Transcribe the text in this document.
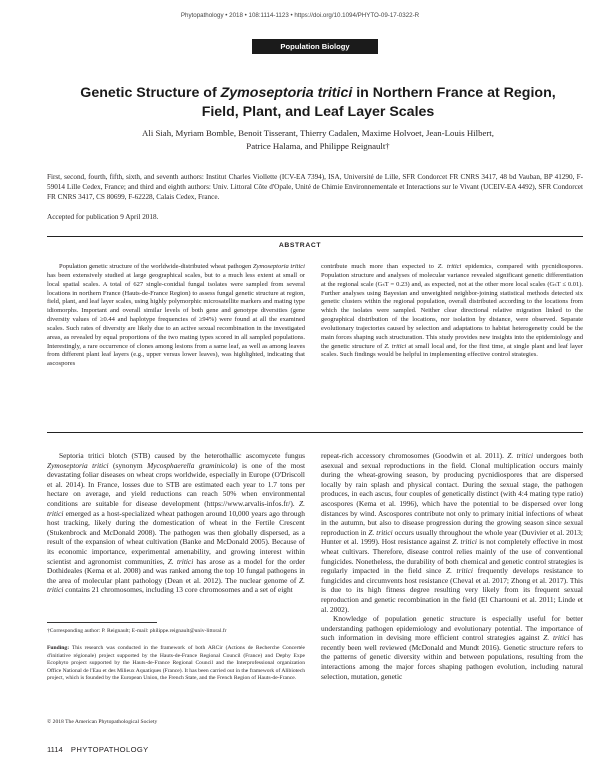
Phytopathology • 2018 • 108:1114-1123 • https://doi.org/10.1094/PHYTO-09-17-0322-R
Population Biology
Genetic Structure of Zymoseptoria tritici in Northern France at Region,
Field, Plant, and Leaf Layer Scales
Ali Siah, Myriam Bomble, Benoit Tisserant, Thierry Cadalen, Maxime Holvoet, Jean-Louis Hilbert,
Patrice Halama, and Philippe Reignault†
First, second, fourth, fifth, sixth, and seventh authors: Institut Charles Viollette (ICV-EA 7394), ISA, Université de Lille, SFR Condorcet FR CNRS 3417, 48 bd Vauban, BP 41290, F-59014 Lille Cedex, France; and third and eighth authors: Univ. Littoral Côte d'Opale, Unité de Chimie Environnementale et Interactions sur le Vivant (UCEIV-EA 4492), SFR Condorcet FR CNRS 3417, CS 80699, F-62228, Calais Cedex, France.
Accepted for publication 9 April 2018.
ABSTRACT
Population genetic structure of the worldwide-distributed wheat pathogen Zymoseptoria tritici has been extensively studied at large geographical scales, but to a much less extent at small or local spatial scales. A total of 627 single-conidial fungal isolates were sampled from several locations in northern France (Hauts-de-France Region) to assess fungal genetic structure at region, field, plant, and leaf layer scales, using highly polymorphic microsatellite markers and mating type idiomorphs. Important and overall similar levels of both gene and genotype diversities (gene diversity values of ≥0.44 and haplotype frequencies of ≥94%) were found at all the examined scales. Such rates of diversity are likely due to an active sexual recombination in the investigated areas, as revealed by equal proportions of the two mating types scored in all sampled populations. Interestingly, a rare occurrence of clones among lesions from a same leaf, as well as among leaves from different plant leaf layers (e.g., upper versus lower leaves), was highlighted, indicating that ascospores
contribute much more than expected to Z. tritici epidemics, compared with pycnidiospores. Population structure and analyses of molecular variance revealed significant genetic differentiation at the regional scale (GₛT = 0.23) and, as expected, not at the other more local scales (GₛT ≤ 0.01). Further analyses using Bayesian and unweighted neighbor-joining statistical methods detected six genetic clusters within the regional population, overall distributed according to the locations from which the isolates were sampled. Neither clear directional relative migration linked to the geographical distribution of the locations, nor isolation by distance, were observed. Separate evolutionary trajectories caused by selection and adaptations to habitat heterogeneity could be the main forces shaping such structuration. This study provides new insights into the epidemiology and the genetic structure of Z. tritici at small local and, for the first time, at single plant and leaf layer scales. Such findings would be helpful in implementing effective control strategies.
Septoria tritici blotch (STB) caused by the heterothallic ascomycete fungus Zymoseptoria tritici (synonym Mycosphaerella graminicola) is one of the most devastating foliar diseases on wheat crops worldwide, especially in Europe (O'Driscoll et al. 2014). In France, losses due to STB are estimated each year to 1.7 tons per hectare on average, and yield reductions can reach 50% when environmental conditions are suitable for disease development (https://www.arvalis-infos.fr/). Z. tritici emerged as a host-specialized wheat pathogen around 10,000 years ago through host tracking, likely during the domestication of wheat in the Fertile Crescent (Stukenbrock and McDonald 2008). The pathogen was then globally dispersed, as a result of the expansion of wheat cultivation (Banke and McDonald 2005). Because of its economic importance, experimental amenability, and growing interest within scientist and agronomist communities, Z. tritici has arose as a model for the order Dothideales (Kema et al. 2008) and was ranked among the top 10 fungal pathogens in the area of molecular plant pathology (Dean et al. 2012). The nuclear genome of Z. tritici contains 21 chromosomes, including 13 core chromosomes and a set of eight

repeat-rich accessory chromosomes (Goodwin et al. 2011). Z. tritici undergoes both asexual and sexual reproductions in the field. Clonal multiplication occurs mainly during the wheat-growing season, by producing pycnidiospores that are dispersed locally by rain splash and physical contact. During the sexual stage, the pathogen produces, in each ascus, four couples of genetically distinct (with 4:4 mating type ratio) ascospores (Kema et al. 1996), which have the potential to be dispersed over long distances by wind. Ascospores contribute not only to primary initial infections of wheat in the autumn, but also to disease progression during the growing season since sexual reproduction in Z. tritici occurs usually throughout the whole year (Duvivier et al. 2013; Hunter et al. 1999). Host resistance against Z. tritici is not completely effective in most wheat cultivars. Therefore, disease control relies mainly of the use of conventional fungicides. Nonetheless, the durability of both chemical and genetic control strategies is regularly impacted in the field since Z. tritici frequently develops resistance to fungicides and circumvents host resistance (Cheval et al. 2017; Zhong et al. 2017). This is due to its high fitness degree resulting very likely from its frequent sexual reproduction and genetic recombination in the field (El Chartouni et al. 2011; Linde et al. 2002).

Knowledge of population genetic structure is especially useful for better understanding pathogen epidemiology and evolutionary potential. The importance of such information in devising more efficient control strategies against Z. tritici has recently been well reviewed (McDonald and Mundt 2016). Genetic structure refers to the patterns of genetic diversity within and between populations, resulting from the interactions among the major forces shaping pathogen evolution, including natural selection, mutation, genetic

†Corresponding author: P. Reignault; E-mail: philippe.reignault@univ-littoral.fr
Funding: This research was conducted in the framework of both ARCir (Actions de Recherche Concertée d'initiative régionale) project supported by the Hauts-de-France Regional Council (France) and Dephy Expe Ecophyto project supported by the Hauts-de-France Regional Council and the Interprofessional organization Office National de l'Eau et des Milieux Aquatiques (France). It has been carried out in the framework of Alibiotech project, which is founded by the European Union, the French State, and the French Region of Hauts-de-France.
© 2018 The American Phytopathological Society
1114 PHYTOPATHOLOGY
